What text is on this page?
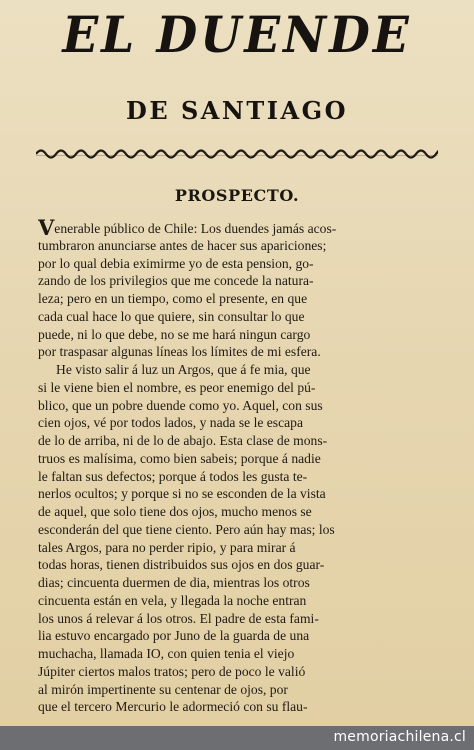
EL DUENDE
DE SANTIAGO
PROSPECTO.
Venerable público de Chile: Los duendes jamás acos-
tumbraron anunciarse antes de hacer sus apariciones;
por lo qual debia eximirme yo de esta pension, go-
zando de los privilegios que me concede la natura-
leza; pero en un tiempo, como el presente, en que
cada cual hace lo que quiere, sin consultar lo que
puede, ni lo que debe, no se me hará ningun cargo
por traspasar algunas líneas los límites de mi esfera.
He visto salir á luz un Argos, que á fe mia, que
si le viene bien el nombre, es peor enemigo del pú-
blico, que un pobre duende como yo. Aquel, con sus
cien ojos, vé por todos lados, y nada se le escapa
de lo de arriba, ni de lo de abajo. Esta clase de mons-
truos es malísima, como bien sabeis; porque á nadie
le faltan sus defectos; porque á todos les gusta te-
nerlos ocultos; y porque si no se esconden de la vista
de aquel, que solo tiene dos ojos, mucho menos se
esconderán del que tiene ciento. Pero aún hay mas; los
tales Argos, para no perder ripio, y para mirar á
todas horas, tienen distribuidos sus ojos en dos guar-
dias; cincuenta duermen de dia, mientras los otros
cincuenta están en vela, y llegada la noche entran
los unos á relevar á los otros. El padre de esta fami-
lia estuvo encargado por Juno de la guarda de una
muchacha, llamada IO, con quien tenia el viejo
Júpiter ciertos malos tratos; pero de poco le valió
al mirón impertinente su centenar de ojos, por
que el tercero Mercurio le adormeció con su flau-
memoriachilena.cl
